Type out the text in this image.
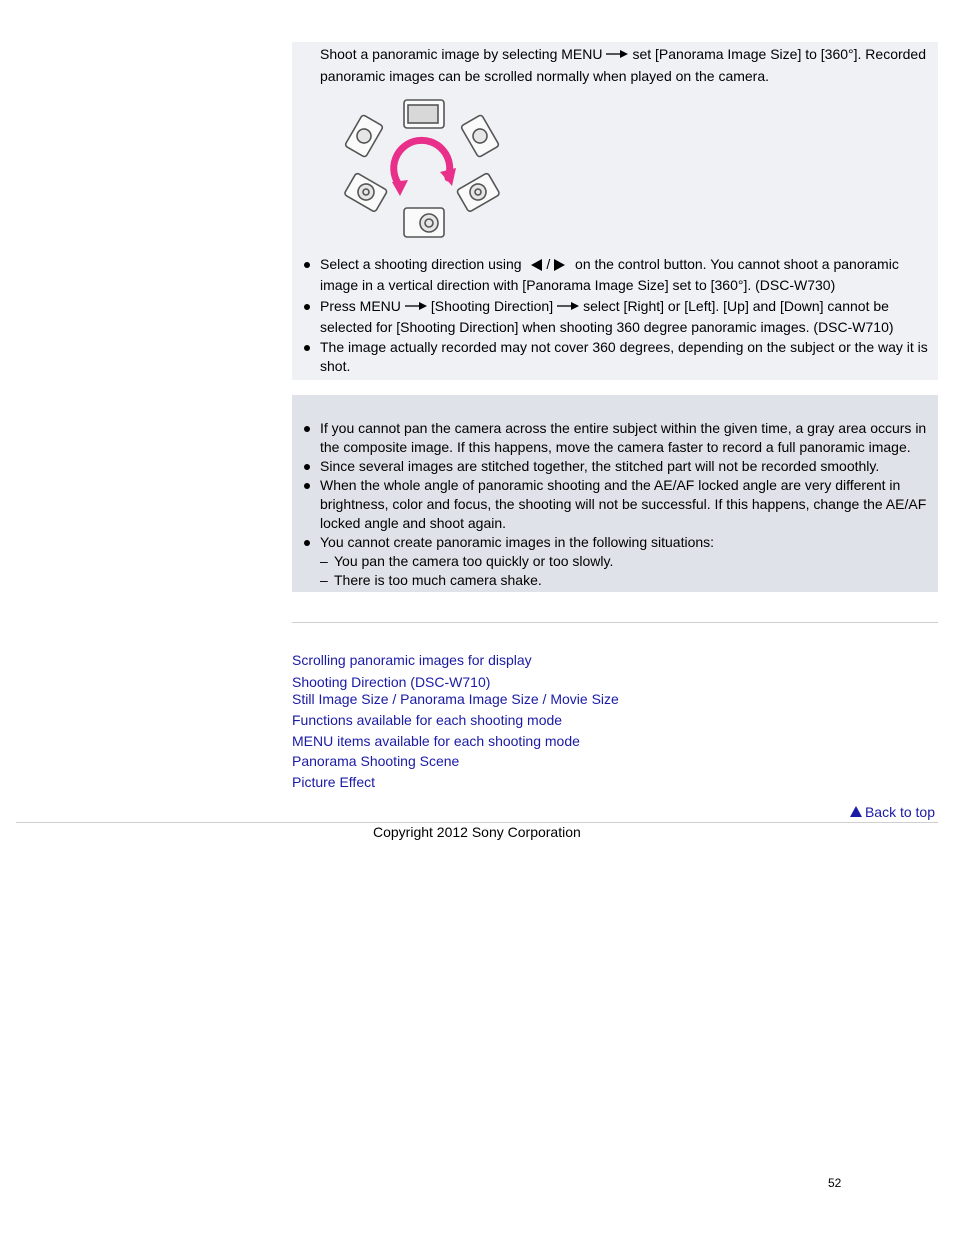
Shoot a panoramic image by selecting MENU set [Panorama Image Size] to [360°]. Recorded panoramic images can be scrolled normally when played on the camera.

Select a shooting direction using / on the control button. You cannot shoot a panoramic image in a vertical direction with [Panorama Image Size] set to [360°]. (DSC-W730)
Press MENU [Shooting Direction] select [Right] or [Left]. [Up] and [Down] cannot be selected for [Shooting Direction] when shooting 360 degree panoramic images. (DSC-W710)
The image actually recorded may not cover 360 degrees, depending on the subject or the way it is shot.
If you cannot pan the camera across the entire subject within the given time, a gray area occurs in the composite image. If this happens, move the camera faster to record a full panoramic image.
Since several images are stitched together, the stitched part will not be recorded smoothly.
When the whole angle of panoramic shooting and the AE/AF locked angle are very different in brightness, color and focus, the shooting will not be successful. If this happens, change the AE/AF locked angle and shoot again.
You cannot create panoramic images in the following situations:
– You pan the camera too quickly or too slowly.
– There is too much camera shake.
Scrolling panoramic images for display
Shooting Direction (DSC-W710)
Still Image Size / Panorama Image Size / Movie Size
Functions available for each shooting mode
MENU items available for each shooting mode
Panorama Shooting Scene
Picture Effect
Back to top
Copyright 2012 Sony Corporation
52
